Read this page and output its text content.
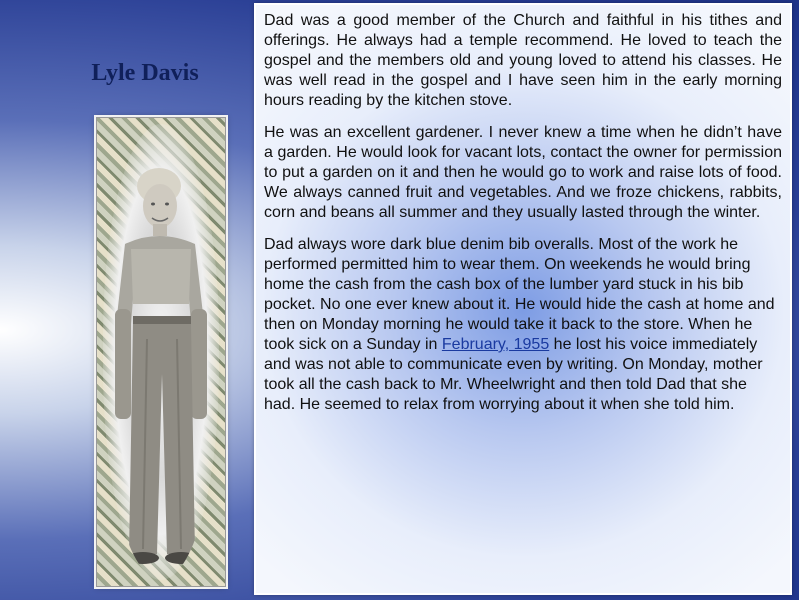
Lyle Davis

Dad was a good member of the Church and faithful in his tithes and offerings. He always had a temple recommend. He loved to teach the gospel and the members old and young loved to attend his classes. He was well read in the gospel and I have seen him in the early morning hours reading by the kitchen stove.

He was an excellent gardener. I never knew a time when he didn’t have a garden. He would look for vacant lots, contact the owner for permission to put a garden on it and then he would go to work and raise lots of food. We always canned fruit and vegetables. And we froze chickens, rabbits, corn and beans all summer and they usually lasted through the winter.

Dad always wore dark blue denim bib overalls. Most of the work he performed permitted him to wear them. On weekends he would bring home the cash from the cash box of the lumber yard stuck in his bib pocket. No one ever knew about it. He would hide the cash at home and then on Monday morning he would take it back to the store. When he took sick on a Sunday in February, 1955 he lost his voice immediately and was not able to communicate even by writing. On Monday, mother took all the cash back to Mr. Wheelwright and then told Dad that she had. He seemed to relax from worrying about it when she told him.
